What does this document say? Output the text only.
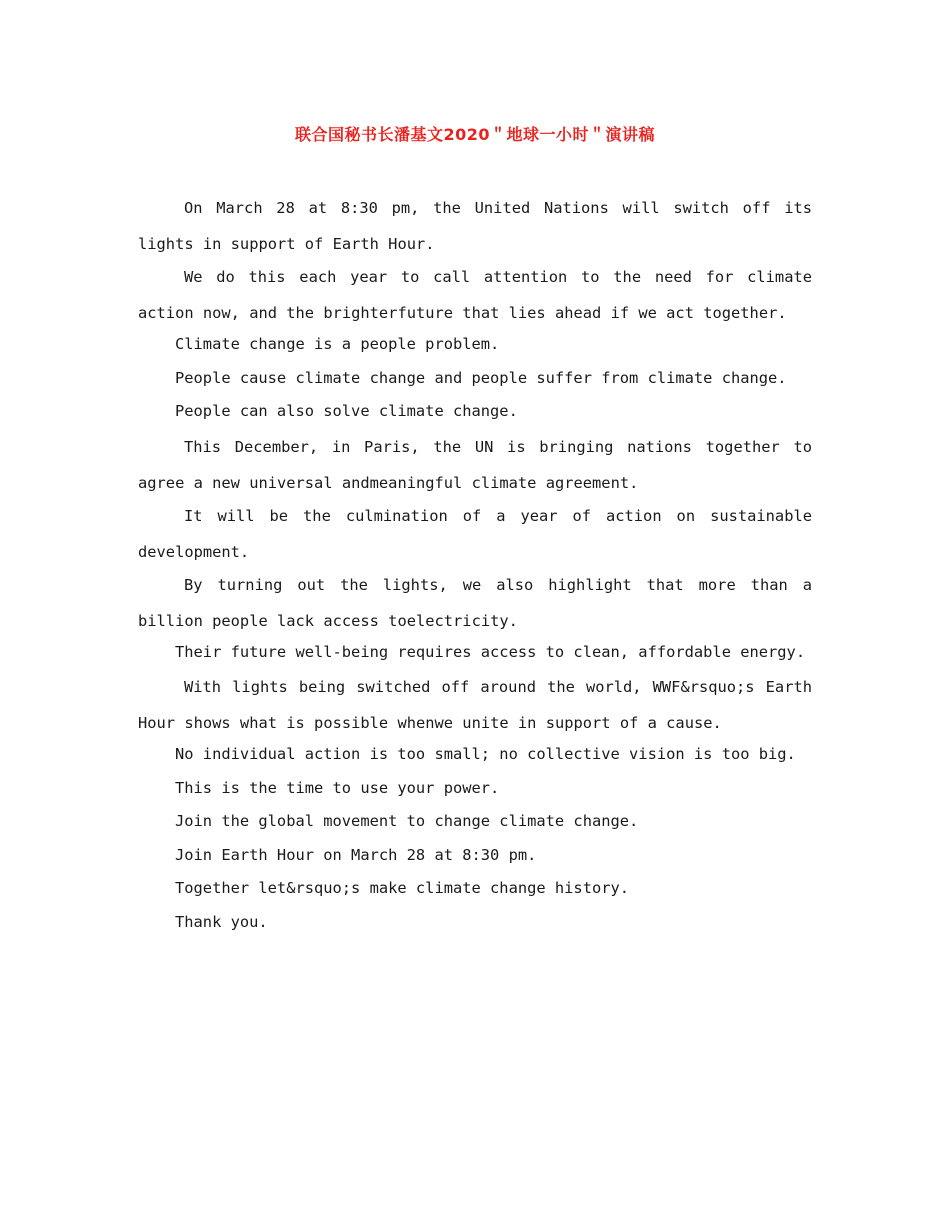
联合国秘书长潘基文2020＂地球一小时＂演讲稿

On March 28 at 8:30 pm, the United Nations will switch off its lights in support of Earth Hour.

We do this each year to call attention to the need for climate action now, and the brighterfuture that lies ahead if we act together.

Climate change is a people problem.

People cause climate change and people suffer from climate change.

People can also solve climate change.

This December, in Paris, the UN is bringing nations together to agree a new universal andmeaningful climate agreement.

It will be the culmination of a year of action on sustainable development.

By turning out the lights, we also highlight that more than a billion people lack access toelectricity.

Their future well-being requires access to clean, affordable energy.

With lights being switched off around the world, WWF&rsquo;s Earth Hour shows what is possible whenwe unite in support of a cause.

No individual action is too small; no collective vision is too big.

This is the time to use your power.

Join the global movement to change climate change.

Join Earth Hour on March 28 at 8:30 pm.

Together let&rsquo;s make climate change history.

Thank you.
